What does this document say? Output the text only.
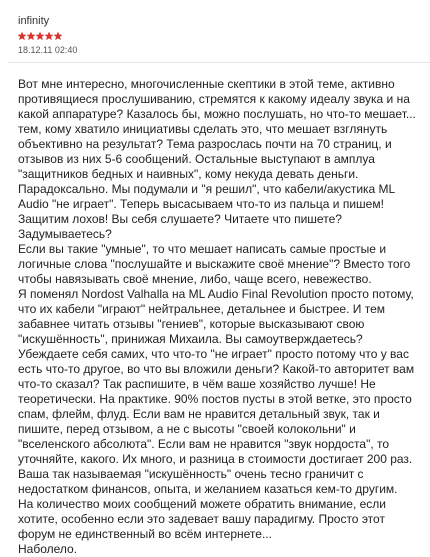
infinity
18.12.11 02:40

Вот мне интересно, многочисленные скептики в этой теме, активно противящиеся прослушиванию, стремятся к какому идеалу звука и на какой аппаратуре? Казалось бы, можно послушать, но что-то мешает... тем, кому хватило инициативы сделать это, что мешает взглянуть объективно на результат? Тема разрослась почти на 70 страниц, и отзывов из них 5-6 сообщений. Остальные выступают в амплуа "защитников бедных и наивных", кому некуда девать деньги. Парадоксально. Мы подумали и "я решил", что кабели/акустика ML Audio "не играет". Теперь высасываем что-то из пальца и пишем! Защитим лохов! Вы себя слушаете? Читаете что пишете? Задумываетесь?

Если вы такие "умные", то что мешает написать самые простые и логичные слова "послушайте и выскажите своё мнение"? Вместо того чтобы навязывать своё мнение, либо, чаще всего, невежество.

Я поменял Nordost Valhalla на ML Audio Final Revolution просто потому, что их кабели "играют" нейтральнее, детальнее и быстрее. И тем забавнее читать отзывы "гениев", которые высказывают свою "искушённость", принижая Михаила. Вы самоутверждаетесь? Убеждаете себя самих, что что-то "не играет" просто потому что у вас есть что-то другое, во что вы вложили деньги? Какой-то авторитет вам что-то сказал? Так распишите, в чём ваше хозяйство лучше! Не теоретически. На практике. 90% постов пусты в этой ветке, это просто спам, флейм, флуд. Если вам не нравится детальный звук, так и пишите, перед отзывом, а не с высоты "своей колокольни" и "вселенского абсолюта". Если вам не нравится "звук нордоста", то уточняйте, какого. Их много, и разница в стоимости достигает 200 раз. Ваша так называемая "искушённость" очень тесно граничит с недостатком финансов, опыта, и желанием казаться кем-то другим.

На количество моих сообщений можете обратить внимание, если хотите, особенно если это задевает вашу парадигму. Просто этот форум не единственный во всём интернете...

Наболело.
